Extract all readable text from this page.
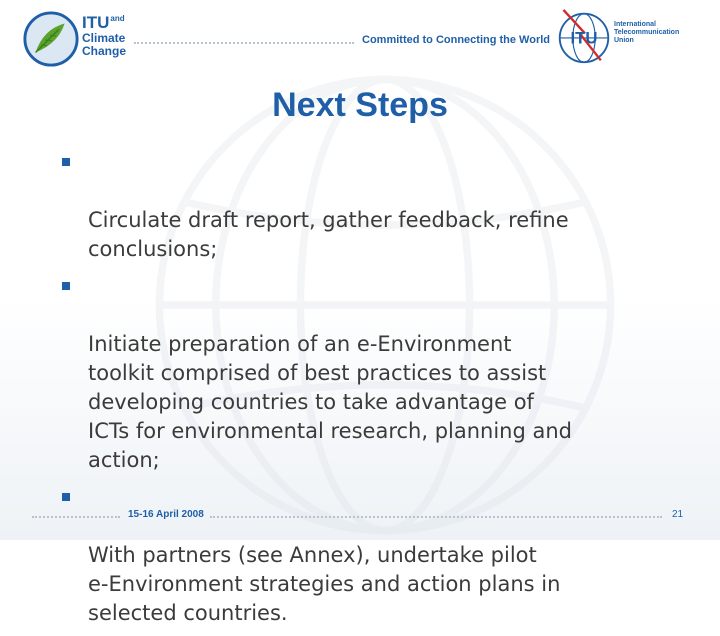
$ITU^{and}$
Climate
Change
Committed to Connecting the World ITU
International
Telecommunication
Union
Next Steps

Circulate draft report, gather feedback, refine
conclusions;

Initiate preparation of an e-Environment
toolkit comprised of best practices to assist
developing countries to take advantage of
ICTs for environmental research, planning and
action;

With partners (see Annex), undertake pilot
e-Environment strategies and action plans in
selected countries.

15-16 April 2008	21
